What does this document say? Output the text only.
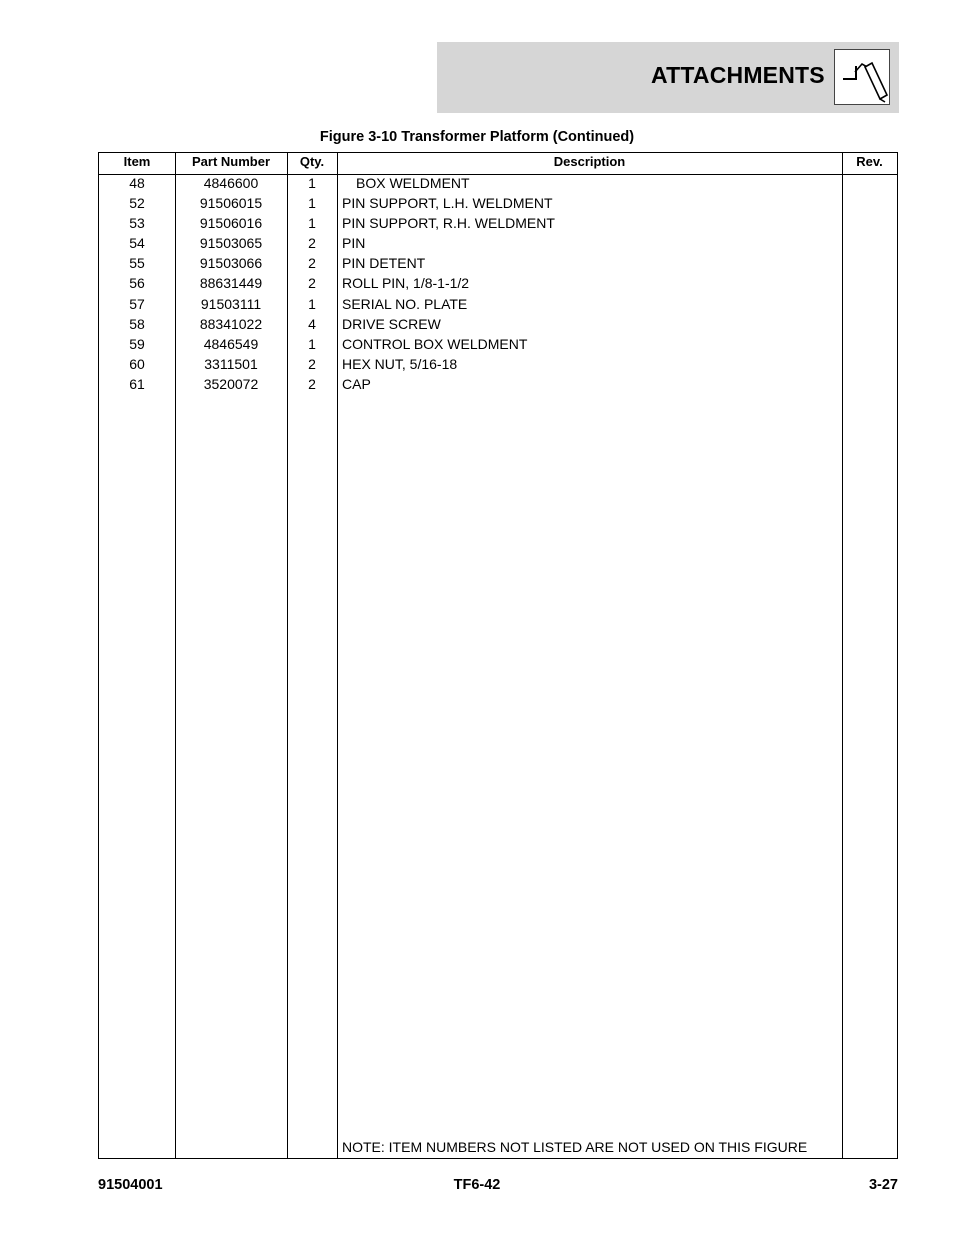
ATTACHMENTS
Figure 3-10 Transformer Platform (Continued)
Item	Part Number	Qty.	Description	Rev.
48	4846600	1	BOX WELDMENT
52	91506015	1	PIN SUPPORT, L.H. WELDMENT
53	91506016	1	PIN SUPPORT, R.H. WELDMENT
54	91503065	2	PIN
55	91503066	2	PIN DETENT
56	88631449	2	ROLL PIN, 1/8-1-1/2
57	91503111	1	SERIAL NO. PLATE
58	88341022	4	DRIVE SCREW
59	4846549	1	CONTROL BOX WELDMENT
60	3311501	2	HEX NUT, 5/16-18
61	3520072	2	CAP
NOTE: ITEM NUMBERS NOT LISTED ARE NOT USED ON THIS FIGURE
91504001	TF6-42	3-27
